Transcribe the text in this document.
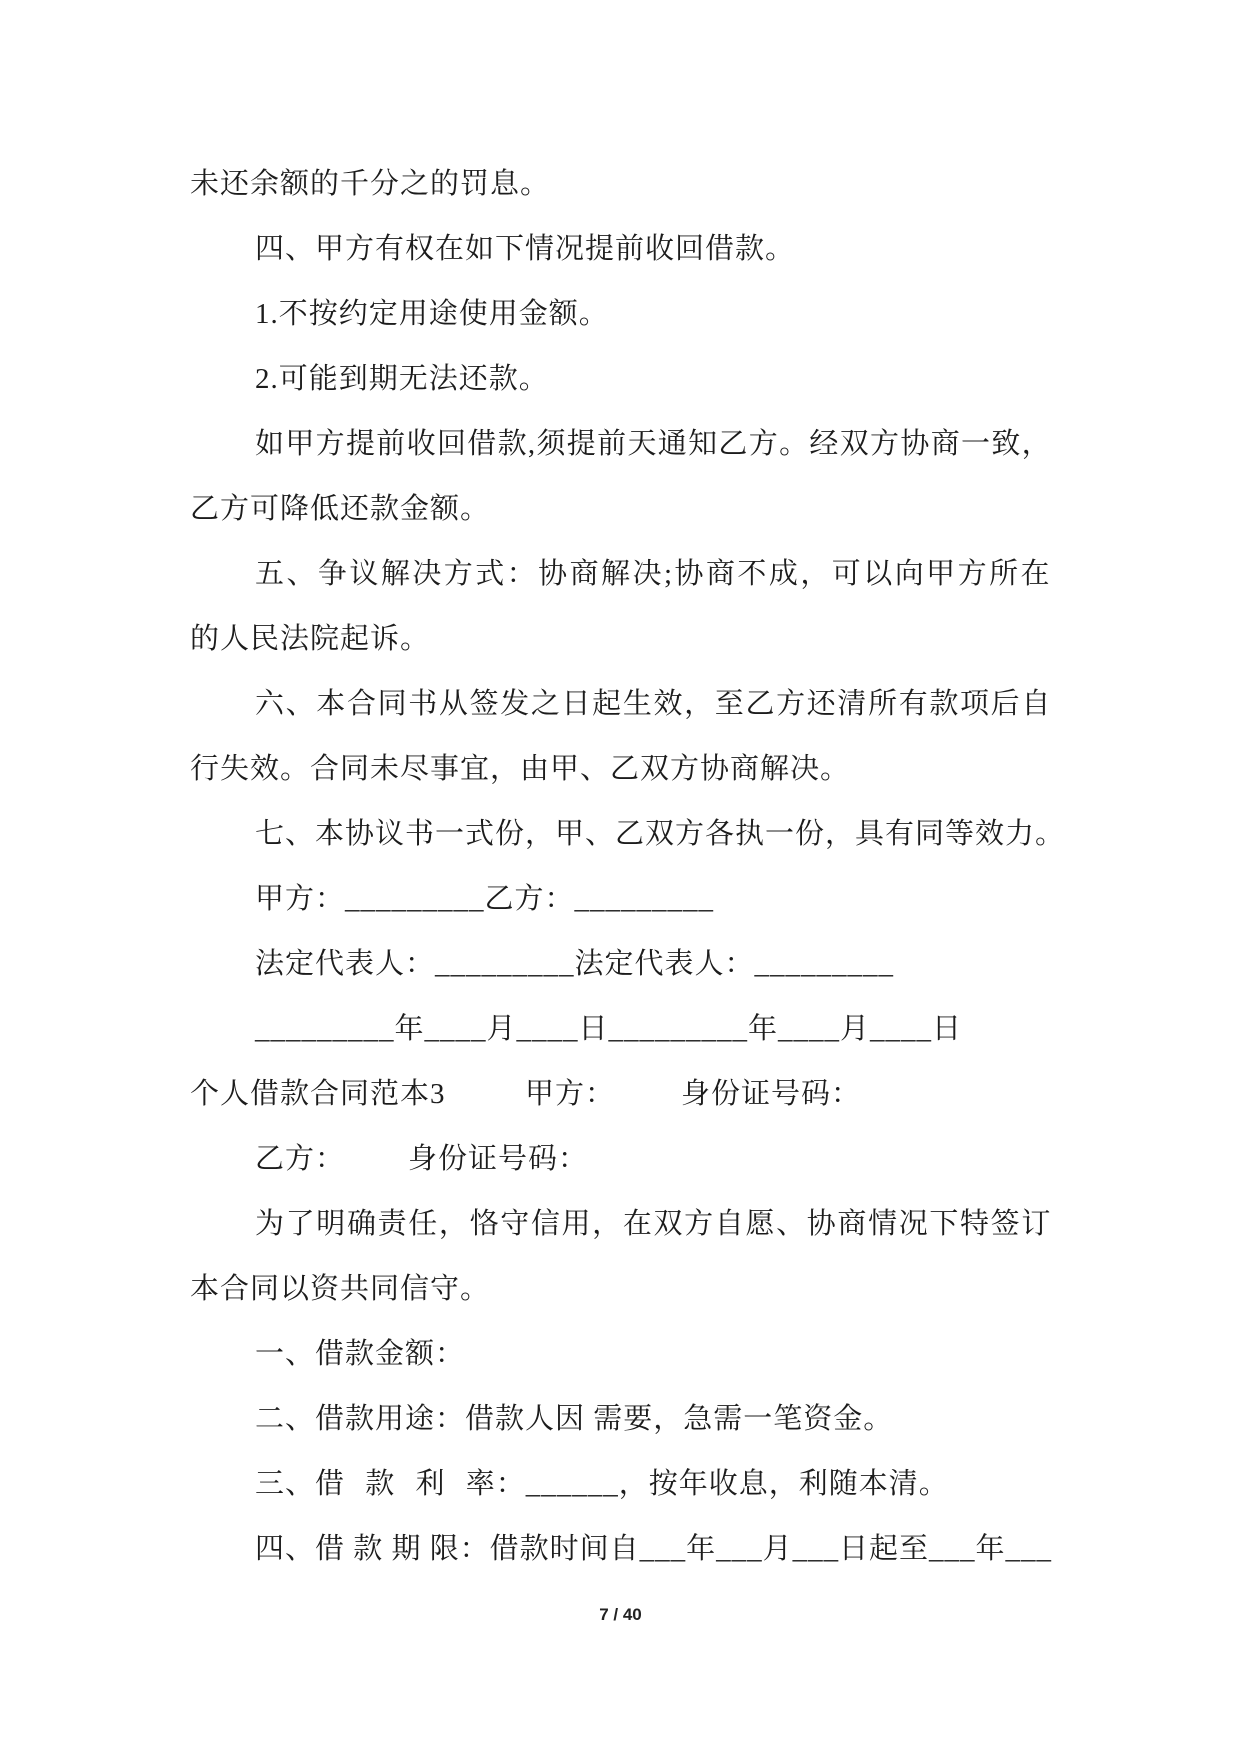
未还余额的千分之的罚息。
四、甲方有权在如下情况提前收回借款。
1.不按约定用途使用金额。
2.可能到期无法还款。
如甲方提前收回借款,须提前天通知乙方。经双方协商一致，
乙方可降低还款金额。
五、争议解决方式：协商解决;协商不成，可以向甲方所在
的人民法院起诉。
六、本合同书从签发之日起生效，至乙方还清所有款项后自
行失效。合同未尽事宜，由甲、乙双方协商解决。
七、本协议书一式份，甲、乙双方各执一份，具有同等效力。
甲方：_________乙方：_________
法定代表人：_________法定代表人：_________
_________年____月____日_________年____月____日
个人借款合同范本3	甲方： 身份证号码：
乙方： 身份证号码：
为了明确责任，恪守信用，在双方自愿、协商情况下特签订
本合同以资共同信守。
一、借款金额：
二、借款用途：借款人因 需要，急需一笔资金。
三、借 款 利 率：______，按年收息，利随本清。
四、借 款 期 限：借款时间自___年___月___日起至___年___
7 / 40
